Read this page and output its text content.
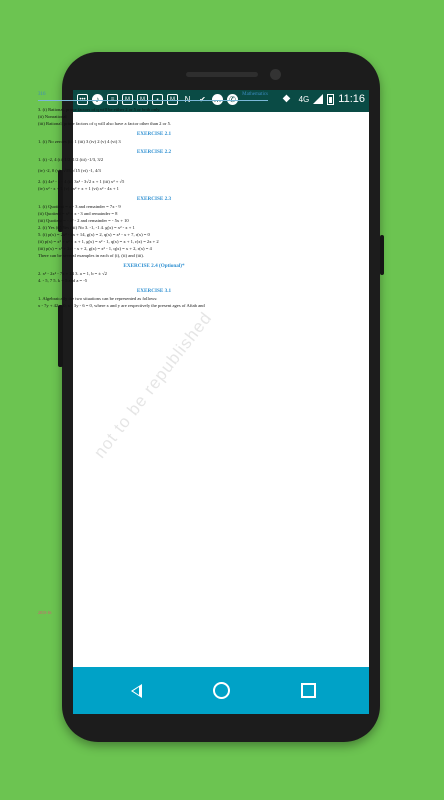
•••	♪	≡	M	M	▪	M	N	✔ … ✆	◆	4G	11:16
316	Mathematics
3. (i) Rational, prime factors of q will be either 2 or 5 or both only.
(ii) Nonrational
(iii) Rational, prime factors of q will also have a factor other than 2 or 5.
EXERCISE 2.1
1. (i) No zeroes (ii) 1 (iii) 3 (iv) 2 (v) 4 (vi) 3
EXERCISE 2.2
1. (i) -2, 4 (ii) 1/2, 1/2 (iii) -1/3, 3/2
(iv) -2, 0 (v) -√15, √15 (vi) -1, 4/3
2. (i) 4x² - x - 4 (ii) 3x² - 3√2 x + 1 (iii) x² + √5
(iv) x² - x + 1 (v) 4x² + x + 1 (vi) x² - 4x + 1
EXERCISE 2.3
1. (i) Quotient = x - 3 and remainder = 7x - 9
(ii) Quotient = x² + x - 3 and remainder = 8
(iii) Quotient = - x² - 2 and remainder = - 5x + 10
2. (i) Yes (ii) Yes (iii) No 3. -1, -1 4. g(x) = x² - x + 1
5. (i) p(x) = 2x² - 2x + 14, g(x) = 2, q(x) = x² - x + 7, r(x) = 0
(ii) p(x) = x³ + x² + x + 1, g(x) = x² - 1, q(x) = x + 1, r(x) = 2x + 2
(iii) p(x) = x³ + 2x² - x + 2, g(x) = x² - 1, q(x) = x + 2, r(x) = 4
There can be several examples in each of (i), (ii) and (iii).
EXERCISE 2.4 (Optional)*
2. x³ - 2x² - 7x + 14 3. a = 1, b = ± √2
4. - 5, 7 5. k = 5 and a = -5
EXERCISE 3.1
1. Algebraically the two situations can be represented as follows:
x - 7y + 42 = 0; x - 3y - 6 = 0, where x and y are respectively the present ages of Aftab and
not to be republished
2015-16
